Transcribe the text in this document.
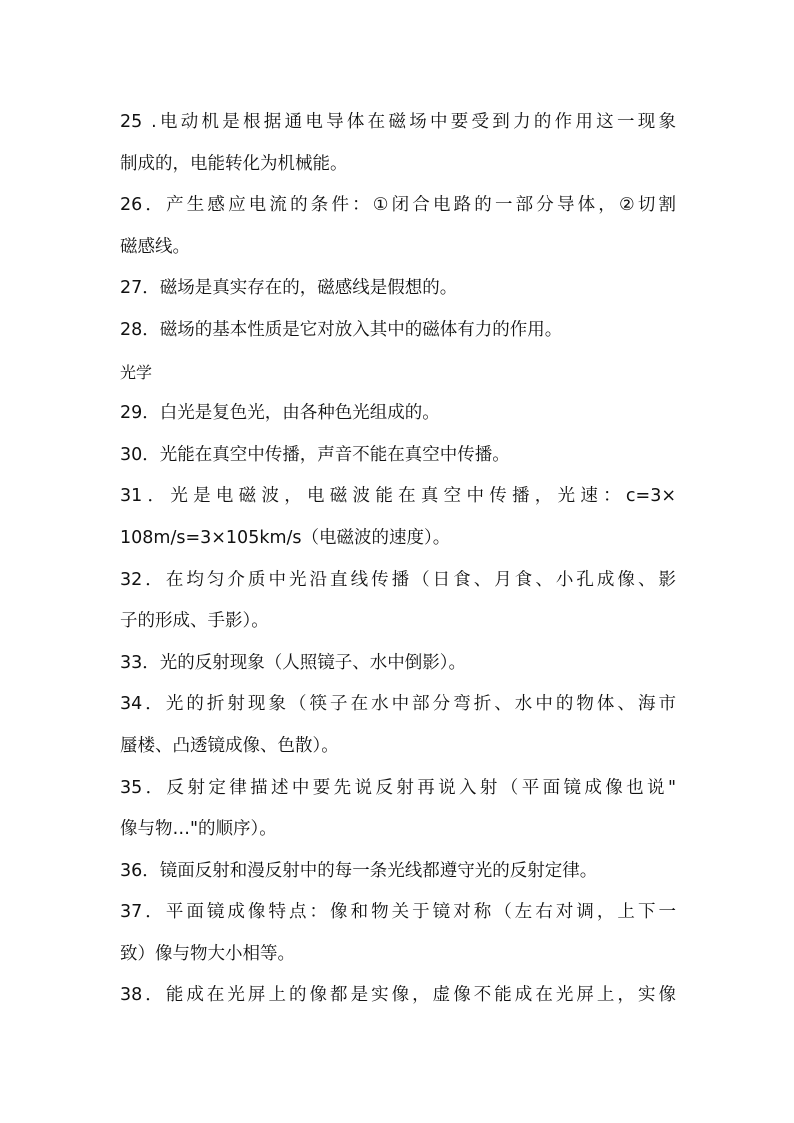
25 .电动机是根据通电导体在磁场中要受到力的作用这一现象
制成的，电能转化为机械能。
26．产生感应电流的条件：①闭合电路的一部分导体，②切割
磁感线。
27．磁场是真实存在的，磁感线是假想的。
28．磁场的基本性质是它对放入其中的磁体有力的作用。
光学
29．白光是复色光，由各种色光组成的。
30．光能在真空中传播，声音不能在真空中传播。
31．光是电磁波，电磁波能在真空中传播，光速：c=3×
108m/s=3×105km/s（电磁波的速度）。
32．在均匀介质中光沿直线传播（日食、月食、小孔成像、影
子的形成、手影）。
33．光的反射现象（人照镜子、水中倒影）。
34．光的折射现象（筷子在水中部分弯折、水中的物体、海市
蜃楼、凸透镜成像、色散）。
35．反射定律描述中要先说反射再说入射（平面镜成像也说"
像与物…"的顺序）。
36．镜面反射和漫反射中的每一条光线都遵守光的反射定律。
37．平面镜成像特点：像和物关于镜对称（左右对调，上下一
致）像与物大小相等。
38．能成在光屏上的像都是实像，虚像不能成在光屏上，实像
